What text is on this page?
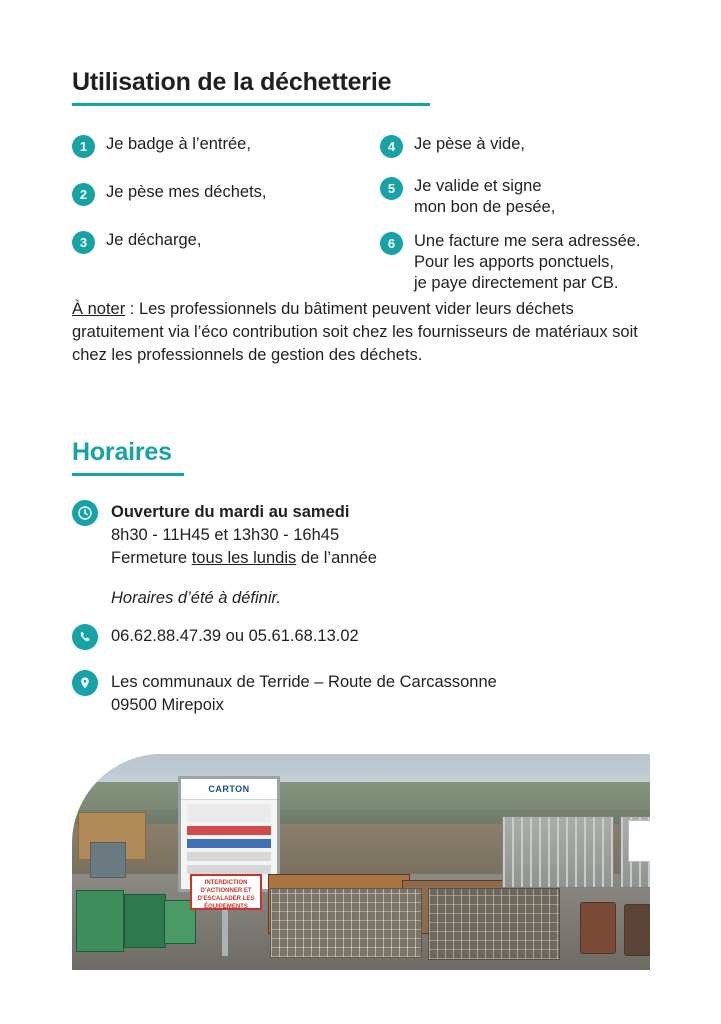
Utilisation de la déchetterie
1	Je badge à l’entrée,
2	Je pèse mes déchets,
3	Je décharge,
4	Je pèse à vide,
5	Je valide et signe
mon bon de pesée,
6	Une facture me sera adressée.
Pour les apports ponctuels,
je paye directement par CB.
À noter : Les professionnels du bâtiment peuvent vider leurs déchets gratuitement via l’éco contribution soit chez les fournisseurs de matériaux soit chez les professionnels de gestion des déchets.
Horaires
Ouverture du mardi au samedi
8h30 - 11H45 et 13h30 - 16h45
Fermeture tous les lundis de l’année
Horaires d’été à définir.
06.62.88.47.39 ou 05.61.68.13.02
Les communaux de Terride – Route de Carcassonne
09500 Mirepoix
CARTON
INTERDICTION D’ACTIONNER ET D’ESCALADER LES ÉQUIPEMENTS
